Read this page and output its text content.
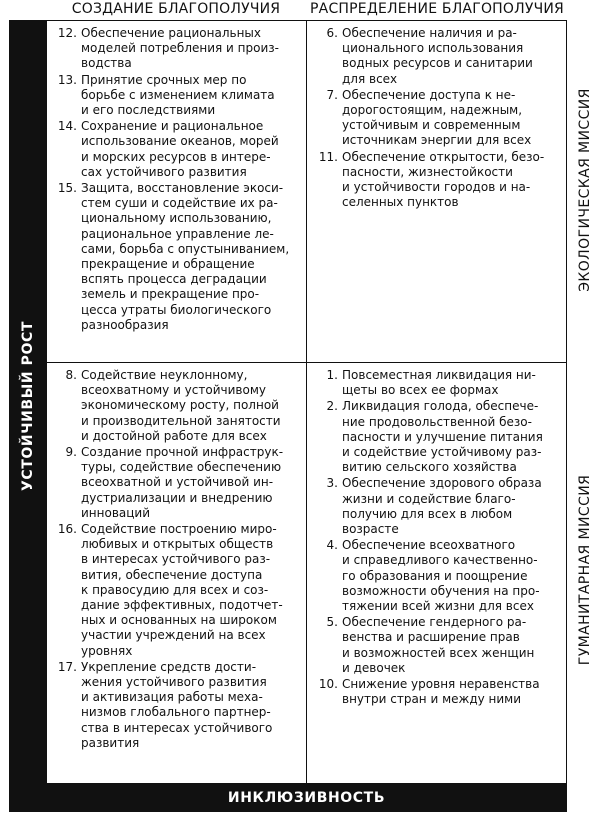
СОЗДАНИЕ БЛАГОПОЛУЧИЯ	РАСПРЕДЕЛЕНИЕ БЛАГОПОЛУЧИЯ
УСТОЙЧИВЫЙ РОСТ
12. Обеспечение рациональных
моделей потребления и произ-
водства
13. Принятие срочных мер по
борьбе с изменением климата
и его последствиями
14. Сохранение и рациональное
использование океанов, морей
и морских ресурсов в интере-
сах устойчивого развития
15. Защита, восстановление экоси-
стем суши и содействие их ра-
циональному использованию,
рациональное управление ле-
сами, борьба с опустыниванием,
прекращение и обращение
вспять процесса деградации
земель и прекращение про-
цесса утраты биологического
разнообразия
6. Обеспечение наличия и ра-
ционального использования
водных ресурсов и санитарии
для всех
7. Обеспечение доступа к не-
дорогостоящим, надежным,
устойчивым и современным
источникам энергии для всех
11. Обеспечение открытости, безо-
пасности, жизнестойкости
и устойчивости городов и на-
селенных пунктов
8. Содействие неуклонному,
всеохватному и устойчивому
экономическому росту, полной
и производительной занятости
и достойной работе для всех
9. Создание прочной инфраструк-
туры, содействие обеспечению
всеохватной и устойчивой ин-
дустриализации и внедрению
инноваций
16. Содействие построению миро-
любивых и открытых обществ
в интересах устойчивого раз-
вития, обеспечение доступа
к правосудию для всех и соз-
дание эффективных, подотчет-
ных и основанных на широком
участии учреждений на всех
уровнях
17. Укрепление средств дости-
жения устойчивого развития
и активизация работы меха-
низмов глобального партнер-
ства в интересах устойчивого
развития
1. Повсеместная ликвидация ни-
щеты во всех ее формах
2. Ликвидация голода, обеспече-
ние продовольственной безо-
пасности и улучшение питания
и содействие устойчивому раз-
витию сельского хозяйства
3. Обеспечение здорового образа
жизни и содействие благо-
получию для всех в любом
возрасте
4. Обеспечение всеохватного
и справедливого качественно-
го образования и поощрение
возможности обучения на про-
тяжении всей жизни для всех
5. Обеспечение гендерного ра-
венства и расширение прав
и возможностей всех женщин
и девочек
10. Снижение уровня неравенства
внутри стран и между ними
ЭКОЛОГИЧЕСКАЯ МИССИЯ
ГУМАНИТАРНАЯ МИССИЯ
ИНКЛЮЗИВНОСТЬ
